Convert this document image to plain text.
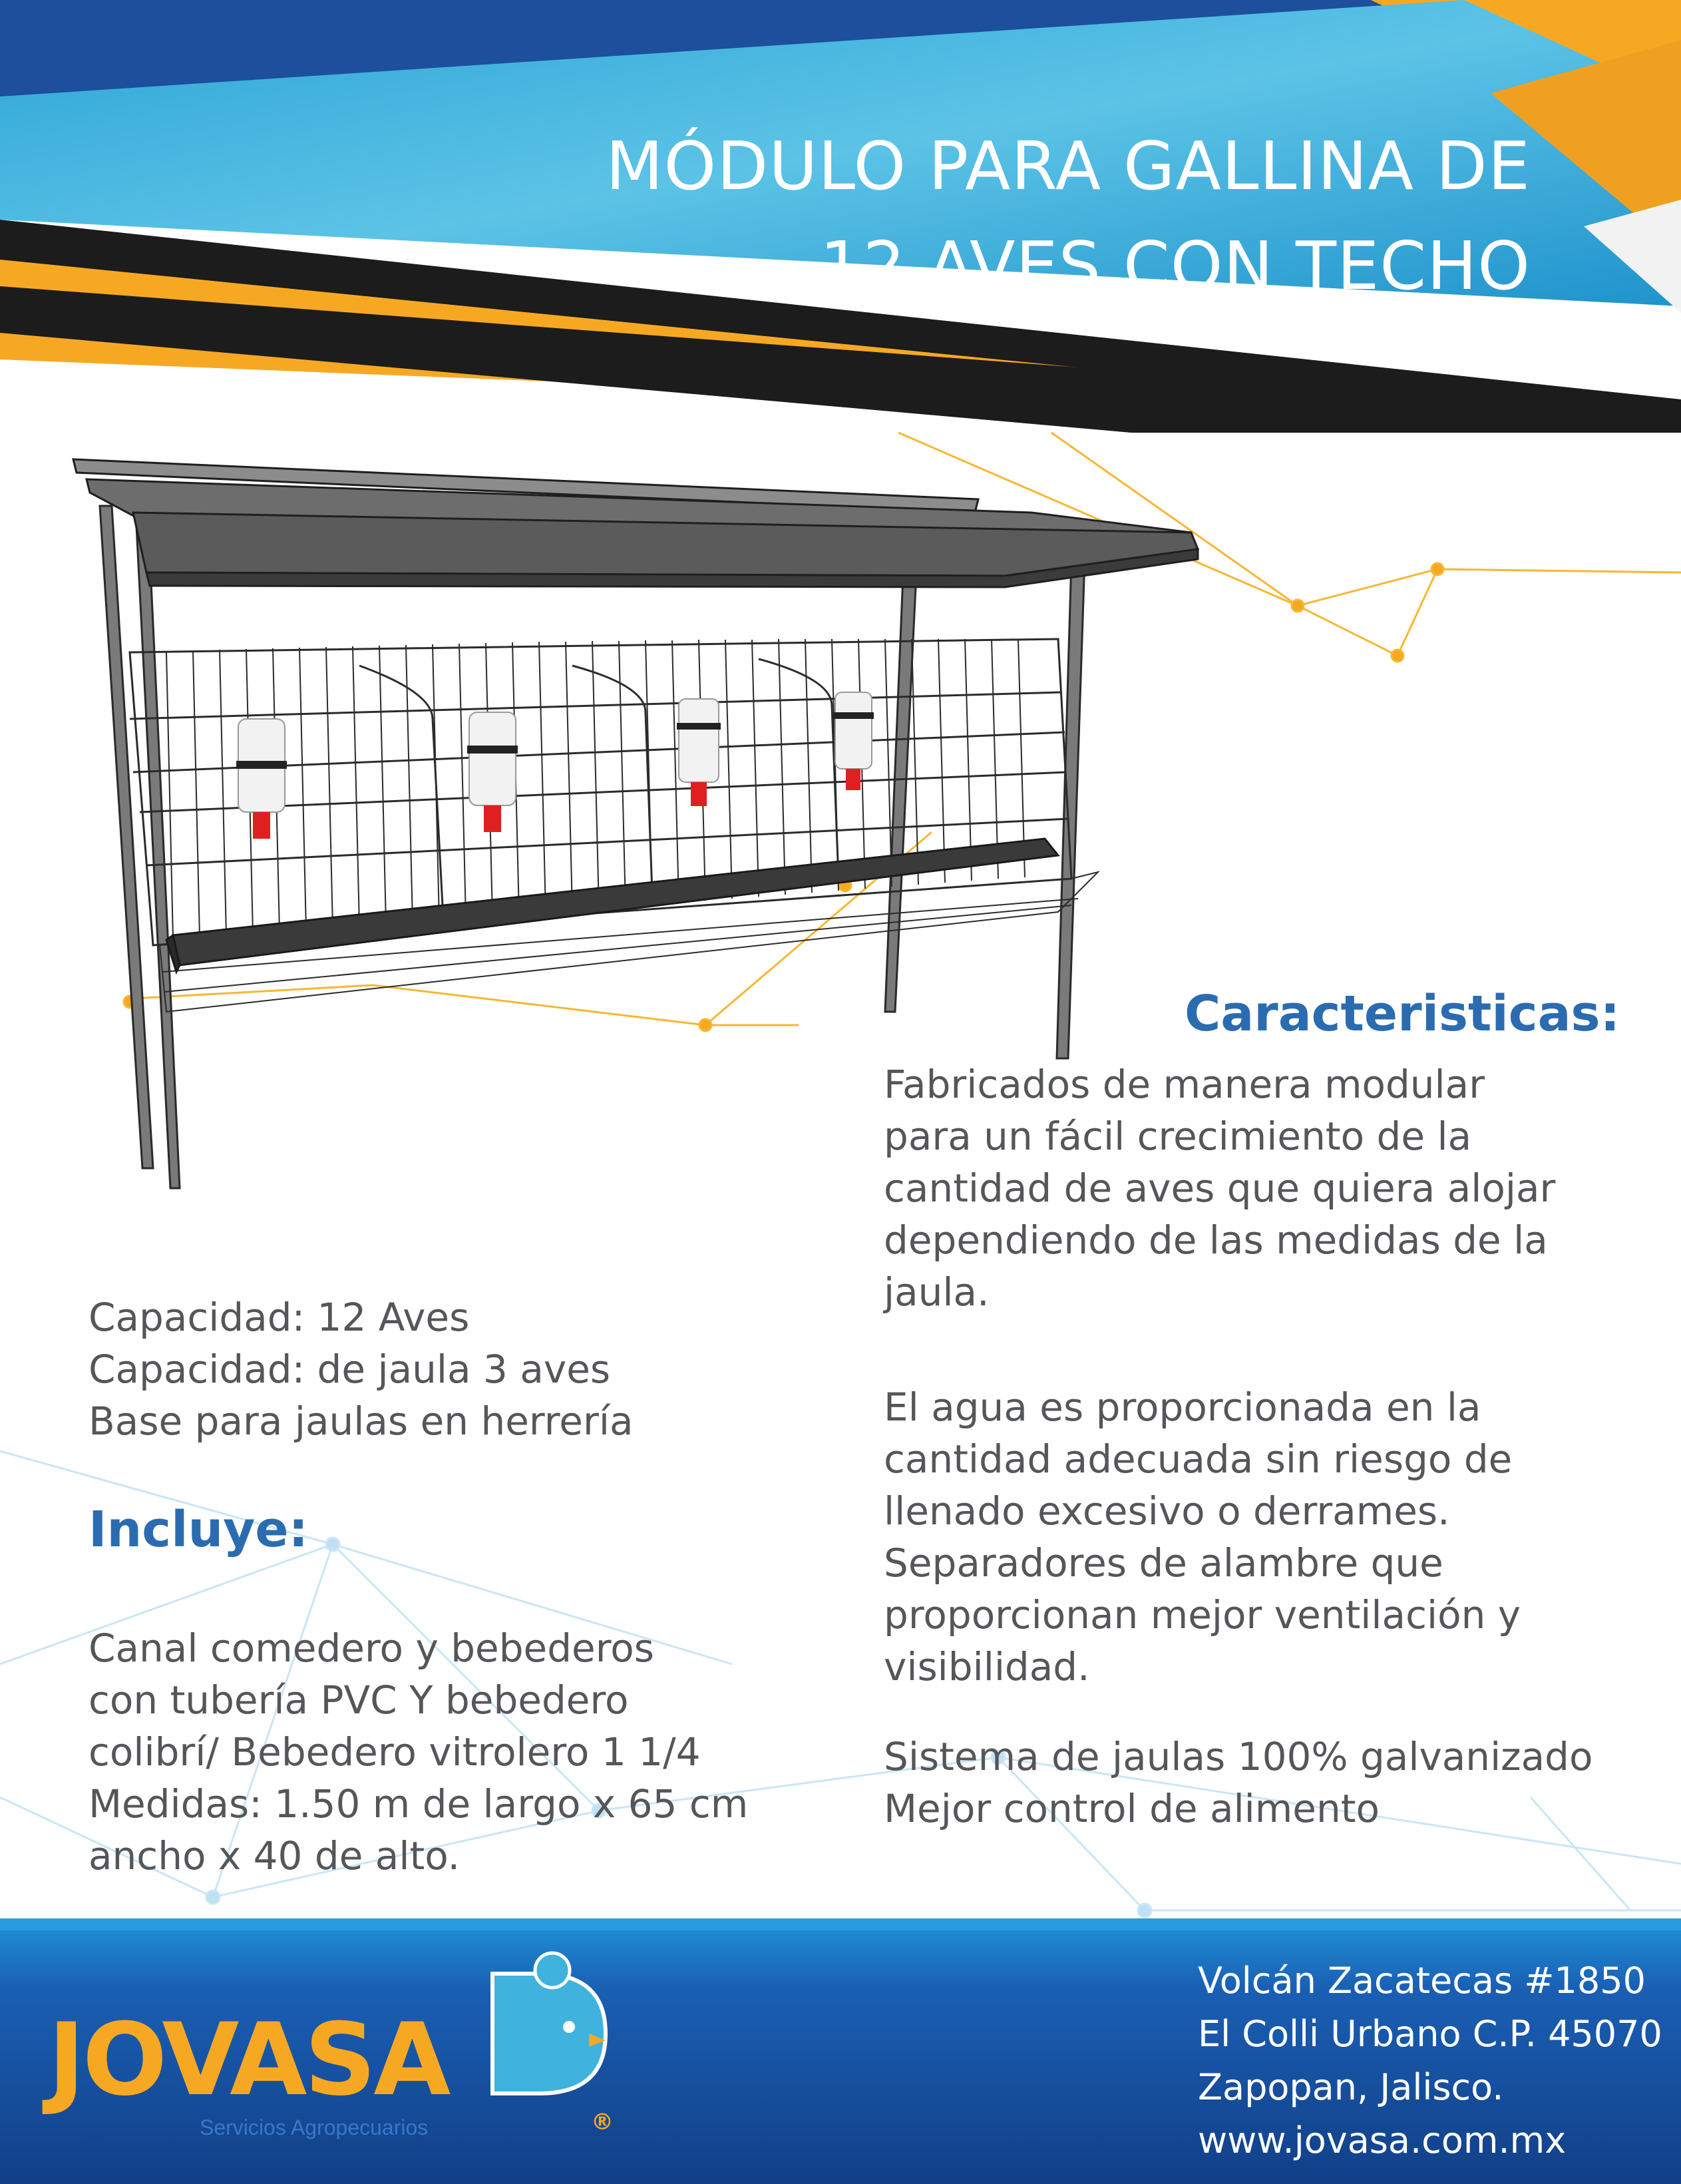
MÓDULO PARA GALLINA DE
12 AVES CON TECHO
Caracteristicas:
Fabricados de manera modular
para un fácil crecimiento de la
cantidad de aves que quiera alojar
dependiendo de las medidas de la
jaula.
El agua es proporcionada en la
cantidad adecuada sin riesgo de
llenado excesivo o derrames.
Separadores de alambre que
proporcionan mejor ventilación y
visibilidad.
Sistema de jaulas 100% galvanizado
Mejor control de alimento
Capacidad: 12 Aves
Capacidad: de jaula 3 aves
Base para jaulas en herrería
Incluye:
Canal comedero y bebederos
con tubería PVC Y bebedero
colibrí/ Bebedero vitrolero 1 1/4
Medidas: 1.50 m de largo x 65 cm
ancho x 40 de alto.
JOVASA
Servicios Agropecuarios	®
Volcán Zacatecas #1850
El Colli Urbano C.P. 45070
Zapopan, Jalisco.
www.jovasa.com.mx
